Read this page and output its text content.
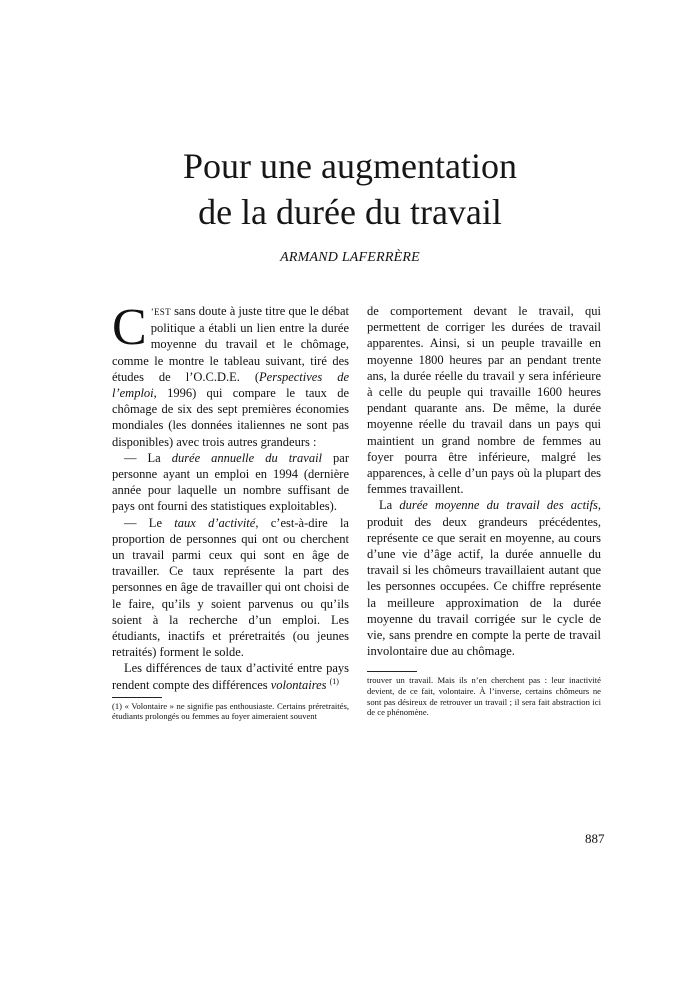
Pour une augmentation
de la durée du travail
ARMAND LAFERRÈRE

C ’EST sans doute à juste titre que le débat politique a établi un lien entre la durée moyenne du travail et le chômage, comme le montre le tableau suivant, tiré des études de l’O.C.D.E. (Perspectives de l’emploi, 1996) qui compare le taux de chômage de six des sept premières économies mondiales (les données italiennes ne sont pas disponibles) avec trois autres grandeurs :

— La durée annuelle du travail par personne ayant un emploi en 1994 (dernière année pour laquelle un nombre suffisant de pays ont fourni des statistiques exploitables).

— Le taux d’activité, c’est-à-dire la proportion de personnes qui ont ou cherchent un travail parmi ceux qui sont en âge de travailler. Ce taux représente la part des personnes en âge de travailler qui ont choisi de le faire, qu’ils y soient parvenus ou qu’ils soient à la recherche d’un emploi. Les étudiants, inactifs et préretraités (ou jeunes retraités) forment le solde.

Les différences de taux d’activité entre pays rendent compte des différences volontaires $^{(1)}$

(1) « Volontaire » ne signifie pas enthousiaste. Certains préretraités, étudiants prolongés ou femmes au foyer aimeraient souvent

de comportement devant le travail, qui permettent de corriger les durées de travail apparentes. Ainsi, si un peuple travaille en moyenne 1800 heures par an pendant trente ans, la durée réelle du travail y sera inférieure à celle du peuple qui travaille 1600 heures pendant quarante ans. De même, la durée moyenne réelle du travail dans un pays qui maintient un grand nombre de femmes au foyer pourra être inférieure, malgré les apparences, à celle d’un pays où la plupart des femmes travaillent.

La durée moyenne du travail des actifs, produit des deux grandeurs précédentes, représente ce que serait en moyenne, au cours d’une vie d’âge actif, la durée annuelle du travail si les chômeurs travaillaient autant que les personnes occupées. Ce chiffre représente la meilleure approximation de la durée moyenne du travail corrigée sur le cycle de vie, sans prendre en compte la perte de travail involontaire due au chômage.

trouver un travail. Mais ils n’en cherchent pas : leur inactivité devient, de ce fait, volontaire. À l’inverse, certains chômeurs ne sont pas désireux de retrouver un travail ; il sera fait abstraction ici de ce phénomène.

887
